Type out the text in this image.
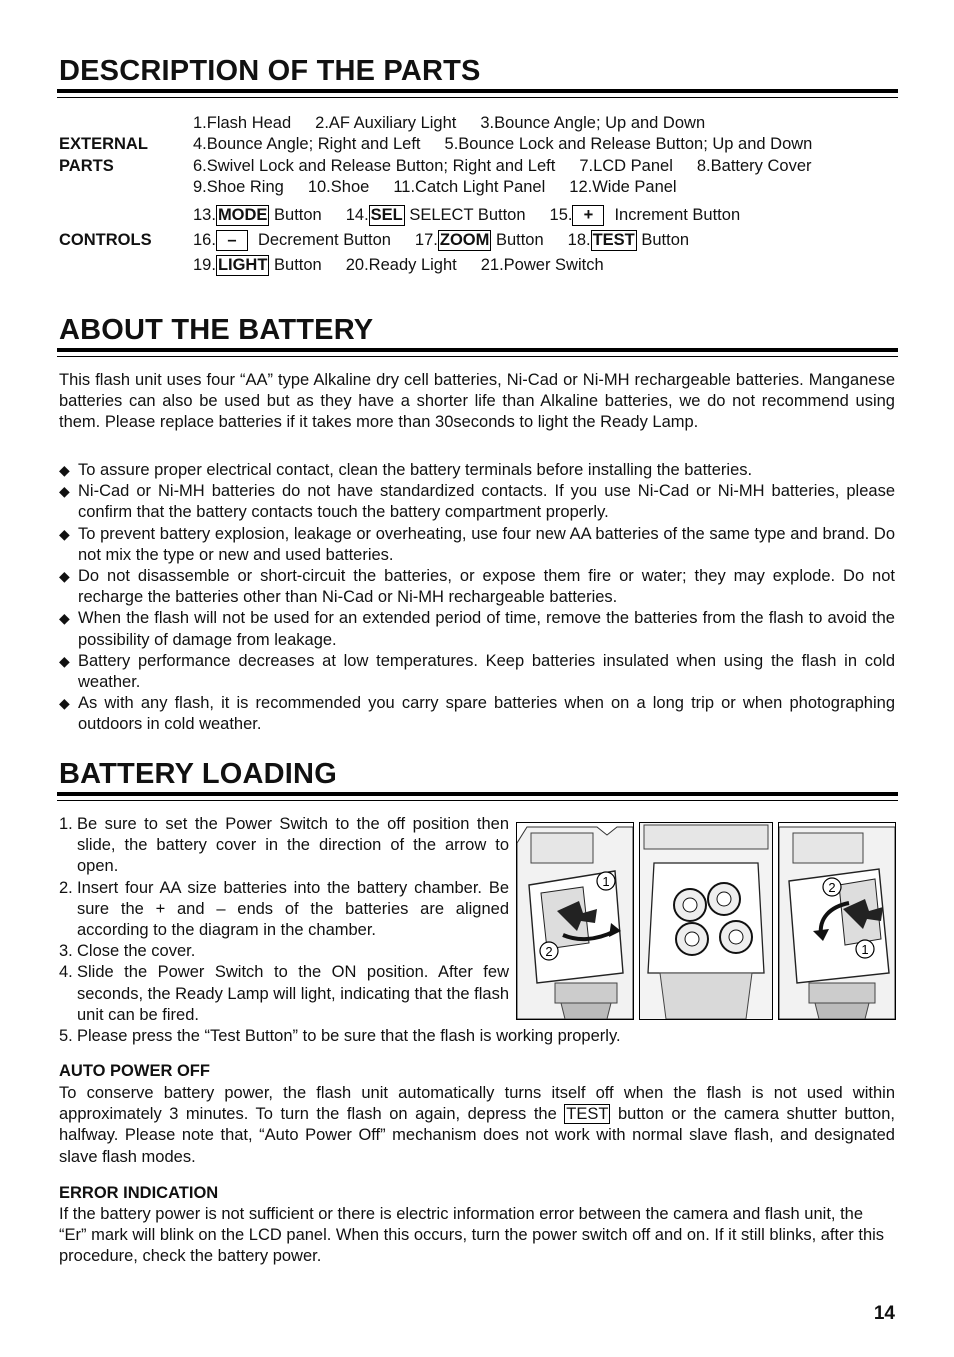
DESCRIPTION OF THE PARTS
EXTERNAL
PARTS
1.Flash Head 2.AF Auxiliary Light 3.Bounce Angle; Up and Down
4.Bounce Angle; Right and Left 5.Bounce Lock and Release Button; Up and Down
6.Swivel Lock and Release Button; Right and Left 7.LCD Panel 8.Battery Cover
9.Shoe Ring 10.Shoe 11.Catch Light Panel 12.Wide Panel
CONTROLS
13. MODE Button 14. SEL SELECT Button 15. + Increment Button
16. – Decrement Button 17. ZOOM Button 18. TEST Button
19. LIGHT Button 20.Ready Light 21.Power Switch
ABOUT THE BATTERY
This flash unit uses four “AA” type Alkaline dry cell batteries, Ni-Cad or Ni-MH rechargeable batteries. Manganese batteries can also be used but as they have a shorter life than Alkaline batteries, we do not recommend using them. Please replace batteries if it takes more than 30seconds to light the Ready Lamp.
◆ To assure proper electrical contact, clean the battery terminals before installing the batteries.
◆ Ni-Cad or Ni-MH batteries do not have standardized contacts. If you use Ni-Cad or Ni-MH batteries, please confirm that the battery contacts touch the battery compartment properly.
◆ To prevent battery explosion, leakage or overheating, use four new AA batteries of the same type and brand. Do not mix the type or new and used batteries.
◆ Do not disassemble or short-circuit the batteries, or expose them fire or water; they may explode. Do not recharge the batteries other than Ni-Cad or Ni-MH rechargeable batteries.
◆ When the flash will not be used for an extended period of time, remove the batteries from the flash to avoid the possibility of damage from leakage.
◆ Battery performance decreases at low temperatures. Keep batteries insulated when using the flash in cold weather.
◆ As with any flash, it is recommended you carry spare batteries when on a long trip or when photographing outdoors in cold weather.
BATTERY LOADING
1. Be sure to set the Power Switch to the off position then slide, the battery cover in the direction of the arrow to open.
2. Insert four AA size batteries into the battery chamber. Be sure the + and – ends of the batteries are aligned according to the diagram in the chamber.
3. Close the cover.
4. Slide the Power Switch to the ON position. After few seconds, the Ready Lamp will light, indicating that the flash unit can be fired.
5. Please press the “Test Button” to be sure that the flash is working properly.
1
2
2
1
AUTO POWER OFF
To conserve battery power, the flash unit automatically turns itself off when the flash is not used within approximately 3 minutes. To turn the flash on again, depress the TEST button or the camera shutter button, halfway. Please note that, “Auto Power Off” mechanism does not work with normal slave flash, and designated slave flash modes.
ERROR INDICATION
If the battery power is not sufficient or there is electric information error between the camera and flash unit, the “Er” mark will blink on the LCD panel. When this occurs, turn the power switch off and on. If it still blinks, after this procedure, check the battery power.
14
